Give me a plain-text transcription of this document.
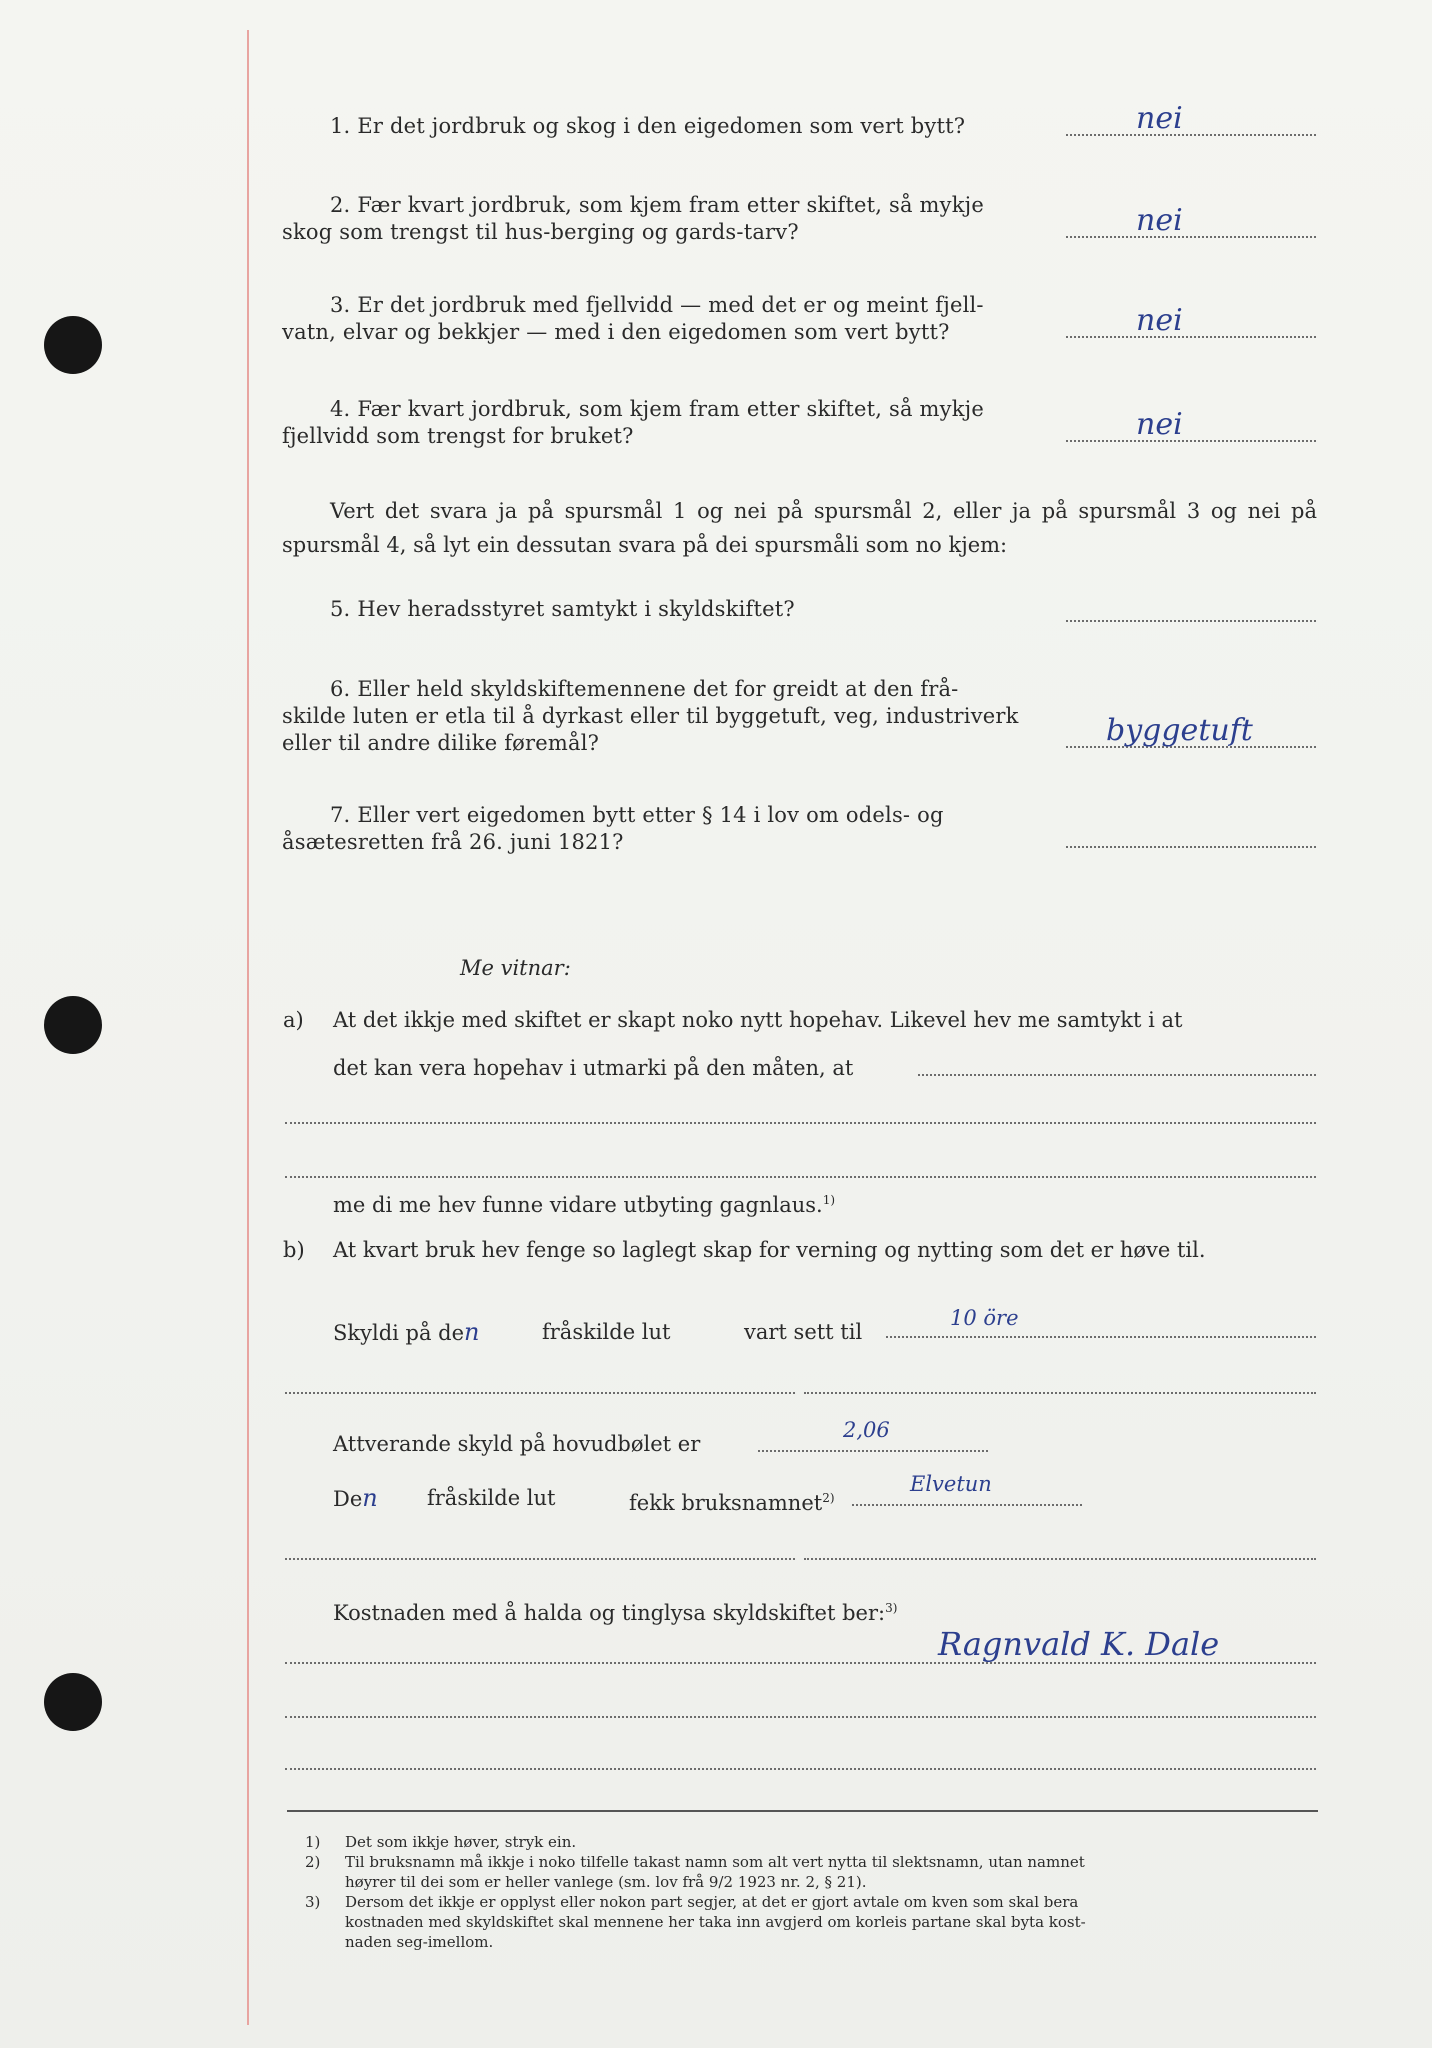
1. Er det jordbruk og skog i den eigedomen som vert bytt?	nei
2. Fær kvart jordbruk, som kjem fram etter skiftet, så mykje
skog som trengst til hus-berging og gards-tarv?	nei
3. Er det jordbruk med fjellvidd — med det er og meint fjell-
vatn, elvar og bekkjer — med i den eigedomen som vert bytt?	nei
4. Fær kvart jordbruk, som kjem fram etter skiftet, så mykje
fjellvidd som trengst for bruket?	nei
Vert det svara ja på spursmål 1 og nei på spursmål 2, eller ja på spursmål 3 og nei på spursmål 4, så lyt ein dessutan svara på dei spursmåli som no kjem:
5. Hev heradsstyret samtykt i skyldskiftet?
6. Eller held skyldskiftemennene det for greidt at den frå-
skilde luten er etla til å dyrkast eller til byggetuft, veg, industriverk
eller til andre dilike føremål?	byggetuft
7. Eller vert eigedomen bytt etter § 14 i lov om odels- og
åsætesretten frå 26. juni 1821?
Me vitnar:
a) At det ikkje med skiftet er skapt noko nytt hopehav. Likevel hev me samtykt i at
det kan vera hopehav i utmarki på den måten, at
me di me hev funne vidare utbyting gagnlaus.$^{1)}$
b) At kvart bruk hev fenge so laglegt skap for verning og nytting som det er høve til.
Skyldi på den	fråskilde lut	vart sett til
10 öre
Attverande skyld på hovudbølet er
2,06
Den fråskilde lut	fekk bruksnamnet$^{2)}$
Elvetun
Kostnaden med å halda og tinglysa skyldskiftet ber:$^{3)}$
Ragnvald K. Dale
1) Det som ikkje høver, stryk ein.
2) Til bruksnamn må ikkje i noko tilfelle takast namn som alt vert nytta til slektsnamn, utan namnet
høyrer til dei som er heller vanlege (sm. lov frå 9/2 1923 nr. 2, § 21).
3) Dersom det ikkje er opplyst eller nokon part segjer, at det er gjort avtale om kven som skal bera
kostnaden med skyldskiftet skal mennene her taka inn avgjerd om korleis partane skal byta kost-
naden seg-imellom.
